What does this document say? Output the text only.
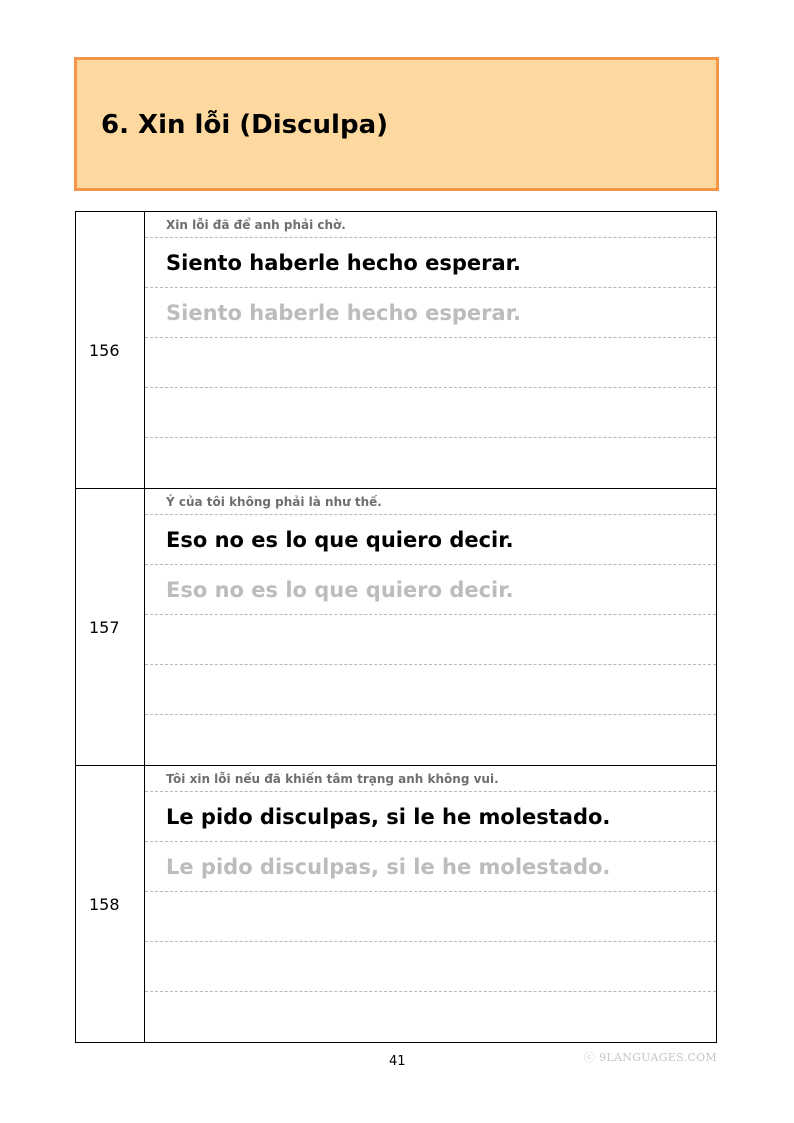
6. Xin lỗi (Disculpa)
156	Xin lỗi đã để anh phải chờ.
Siento haberle hecho esperar.
Siento haberle hecho esperar.

157	Ý của tôi không phải là như thế.
Eso no es lo que quiero decir.
Eso no es lo que quiero decir.

158	Tôi xin lỗi nếu đã khiến tâm trạng anh không vui.
Le pido disculpas, si le he molestado.
Le pido disculpas, si le he molestado.
41	ⓒ 9LANGUAGES.COM
